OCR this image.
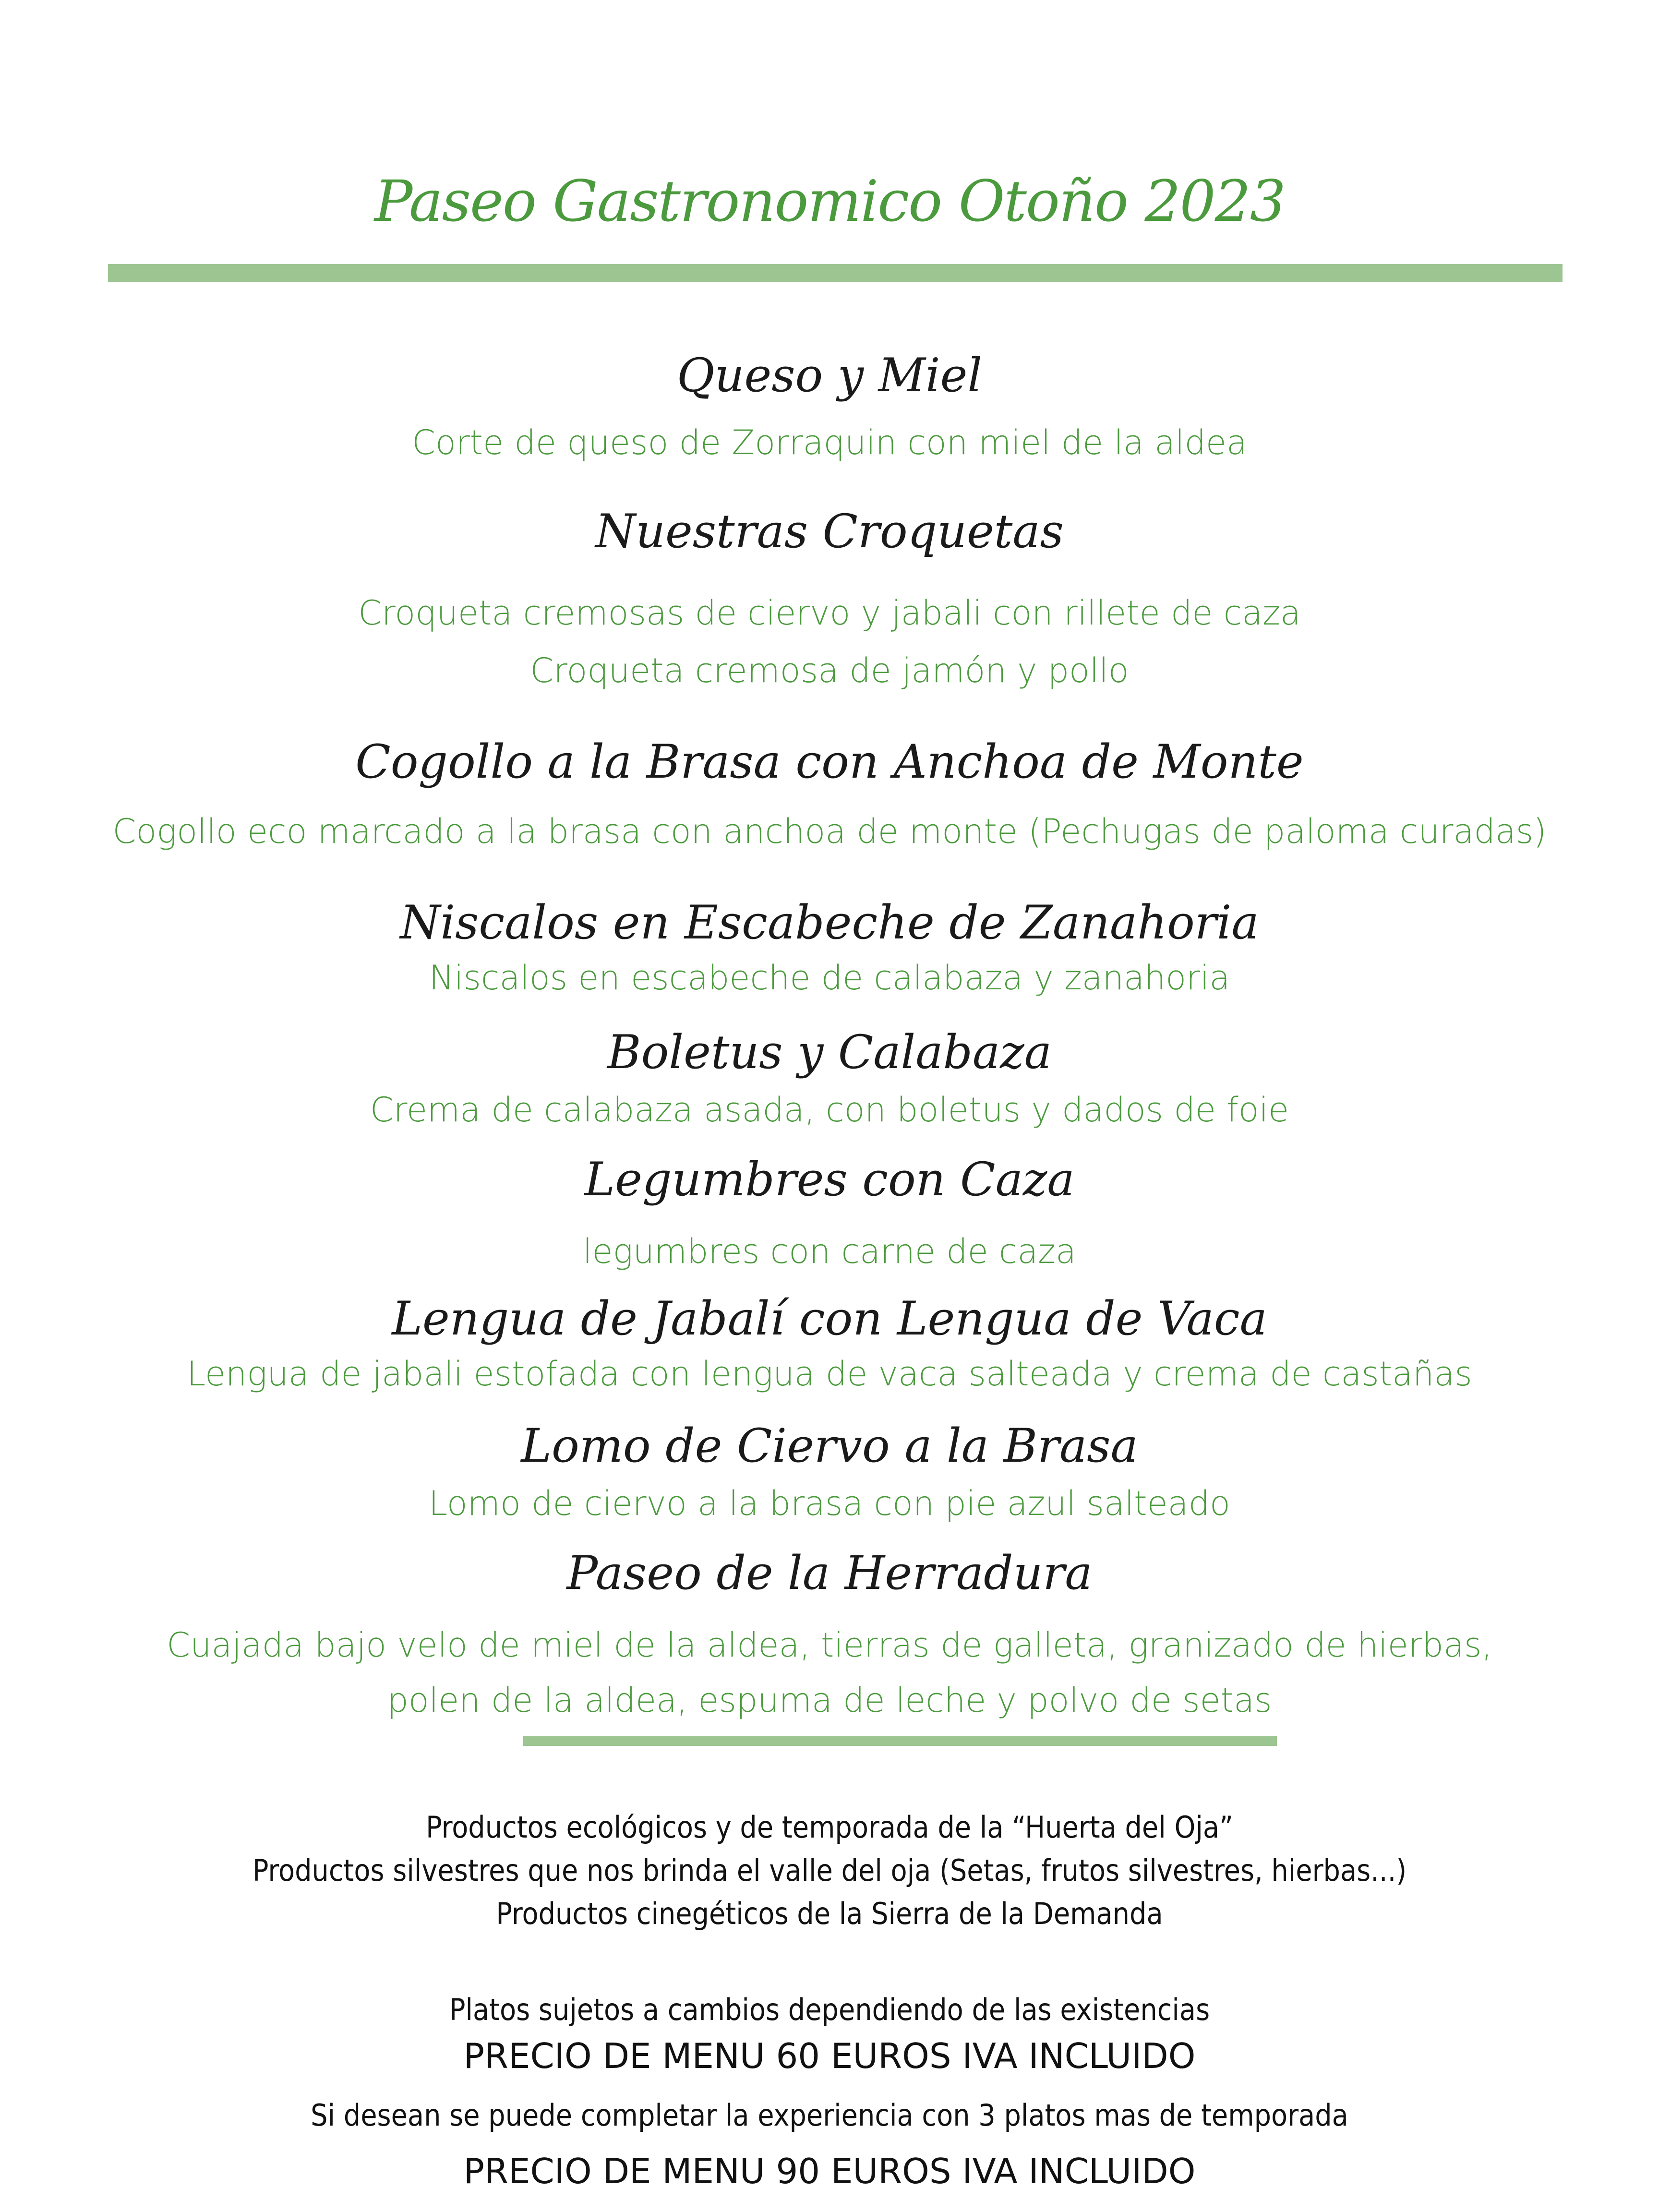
Paseo Gastronomico Otoño 2023
Queso y Miel
Corte de queso de Zorraquin con miel de la aldea
Nuestras Croquetas
Croqueta cremosas de ciervo y jabali con rillete de caza
Croqueta cremosa de jamón y pollo
Cogollo a la Brasa con Anchoa de Monte
Cogollo eco marcado a la brasa con anchoa de monte (Pechugas de paloma curadas)
Niscalos en Escabeche de Zanahoria
Niscalos en escabeche de calabaza y zanahoria
Boletus y Calabaza
Crema de calabaza asada, con boletus y dados de foie
Legumbres con Caza
legumbres con carne de caza
Lengua de Jabalí con Lengua de Vaca
Lengua de jabali estofada con lengua de vaca salteada y crema de castañas
Lomo de Ciervo a la Brasa
Lomo de ciervo a la brasa con pie azul salteado
Paseo de la Herradura
Cuajada bajo velo de miel de la aldea, tierras de galleta, granizado de hierbas,
polen de la aldea, espuma de leche y polvo de setas
Productos ecológicos y de temporada de la “Huerta del Oja”
Productos silvestres que nos brinda el valle del oja (Setas, frutos silvestres, hierbas...)
Productos cinegéticos de la Sierra de la Demanda
Platos sujetos a cambios dependiendo de las existencias
PRECIO DE MENU 60 EUROS IVA INCLUIDO
Si desean se puede completar la experiencia con 3 platos mas de temporada
PRECIO DE MENU 90 EUROS IVA INCLUIDO
